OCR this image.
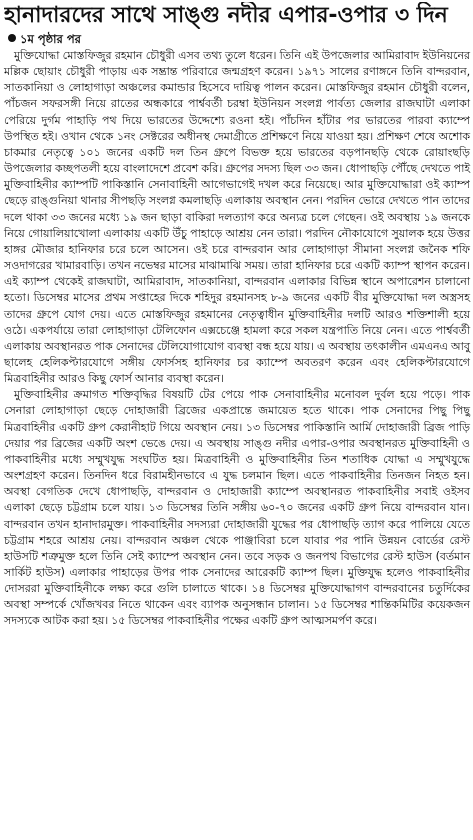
হানাদারদের সাথে সাঙ্গু নদীর এপার-ওপার ৩ দিন
১ম পৃষ্ঠার পর

মুক্তিযোদ্ধা মোস্তফিজুর রহমান চৌধুরী এসব তথ্য তুলে ধরেন। তিনি এই উপজেলার আমিরাবাদ ইউনিয়নের মল্লিক ছোয়াং চৌধুরী পাড়ায় এক সম্ভ্রান্ত পরিবারে জন্মগ্রহণ করেন। ১৯৭১ সালের রণাঙ্গনে তিনি বান্দরবান, সাতকানিয়া ও লোহাগাড়া অঞ্চলের কমান্ডার হিসেবে দায়িত্ব পালন করেন। মোস্তফিজুর রহমান চৌধুরী বলেন, পাঁচজন সফরসঙ্গী নিয়ে রাতের অন্ধকারে পার্শ্ববর্তী চরম্বা ইউনিয়ন সংলগ্ন পার্বত্য জেলার রাজঘাটা এলাকা পেরিয়ে দুর্গম পাহাড়ি পথ দিয়ে ভারতের উদ্দেশ্যে রওনা হই। পাঁচদিন হাঁটার পর ভারতের পারবা ক্যাম্পে উপস্থিত হই। ওখান থেকে ১নং সেক্টরের অধীনস্থ দেমাগ্রীতে প্রশিক্ষণে নিয়ে যাওয়া হয়। প্রশিক্ষণ শেষে অশোক চাকমার নেতৃত্বে ১০১ জনের একটি দল তিন গ্রুপে বিভক্ত হয়ে ভারতের বড়পানছড়ি থেকে রোয়াংছড়ি উপজেলার কচ্ছপতলী হয়ে বাংলাদেশে প্রবেশ করি। গ্রুপের সদস্য ছিল ৩৩ জন। ধোপাছড়ি পৌঁছে দেখতে পাই মুক্তিবাহিনীর ক্যাম্পটি পাকিস্তানি সেনাবাহিনী আগেভাগেই দখল করে নিয়েছে। আর মুক্তিযোদ্ধারা ওই ক্যাম্প ছেড়ে রাঙ্গুনিয়া থানার সীপছড়ি সংলগ্ন কমলাছড়ি এলাকায় অবস্থান নেন। পরদিন ভোরে দেখতে পান তাদের দলে থাকা ৩৩ জনের মধ্যে ১৯ জন ছাড়া বাকিরা দলত্যাগ করে অন্যত্র চলে গেছেন। ওই অবস্থায় ১৯ জনকে নিয়ে গোয়ালিয়াখোলা এলাকায় একটি উঁচু পাহাড়ে আশ্রয় নেন তারা। পরদিন নৌকাযোগে সুয়ালক হয়ে উত্তর হাঙ্গর মৌজার হানিফার চরে চলে আসেন। ওই চরে বান্দরবান আর লোহাগাড়া সীমানা সংলগ্ন জনৈক শফি সওদাগরের খামারবাড়ি। তখন নভেম্বর মাসের মাঝামাঝি সময়। তারা হানিফার চরে একটি ক্যাম্প স্থাপন করেন। এই ক্যাম্প থেকেই রাজঘাটা, আমিরাবাদ, সাতকানিয়া, বান্দরবান এলাকার বিভিন্ন স্থানে অপারেশন চালানো হতো। ডিসেম্বর মাসের প্রথম সপ্তাহের দিকে শহিদুর রহমানসহ ৮-৯ জনের একটি বীর মুক্তিযোদ্ধা দল অস্ত্রসহ তাদের গ্রুপে যোগ দেয়। এতে মোস্তফিজুর রহমানের নেতৃত্বাধীন মুক্তিবাহিনীর দলটি আরও শক্তিশালী হয়ে ওঠে। একপর্যায়ে তারা লোহাগাড়া টেলিফোন এক্সচেঞ্জে হামলা করে সকল যন্ত্রপাতি নিয়ে নেন। এতে পার্শ্ববর্তী এলাকায় অবস্থানরত পাক সেনাদের টেলিযোগাযোগ ব্যবস্থা বন্ধ হয়ে যায়। এ অবস্থায় তৎকালীন এমএনএ আবু ছালেহ হেলিকপ্টারযোগে সঙ্গীয় ফোর্সসহ হানিফার চর ক্যাম্পে অবতরণ করেন এবং হেলিকপ্টারযোগে মিত্রবাহিনীর আরও কিছু ফোর্স আনার ব্যবস্থা করেন।

মুক্তিবাহিনীর ক্রমাগত শক্তিবৃদ্ধির বিষয়টি টের পেয়ে পাক সেনাবাহিনীর মনোবল দুর্বল হয়ে পড়ে। পাক সেনারা লোহাগাড়া ছেড়ে দোহাজারী ব্রিজের একপ্রান্তে জমায়েত হতে থাকে। পাক সেনাদের পিছু পিছু মিত্রবাহিনীর একটি গ্রুপ কেরানীহাট গিয়ে অবস্থান নেয়। ১৩ ডিসেম্বর পাকিস্তানি আর্মি দোহাজারী ব্রিজ পাড়ি দেয়ার পর ব্রিজের একটি অংশ ভেঙে দেয়। এ অবস্থায় সাঙ্গু নদীর এপার-ওপার অবস্থানরত মুক্তিবাহিনী ও পাকবাহিনীর মধ্যে সম্মুখযুদ্ধ সংঘটিত হয়। মিত্রবাহিনী ও মুক্তিবাহিনীর তিন শতাধিক যোদ্ধা এ সম্মুখযুদ্ধে অংশগ্রহণ করেন। তিনদিন ধরে বিরামহীনভাবে এ যুদ্ধ চলমান ছিল। এতে পাকবাহিনীর তিনজন নিহত হন। অবস্থা বেগতিক দেখে ধোপাছড়ি, বান্দরবান ও দোহাজারী ক্যাম্পে অবস্থানরত পাকবাহিনীর সবাই ওইসব এলাকা ছেড়ে চট্টগ্রাম চলে যায়। ১৩ ডিসেম্বর তিনি সঙ্গীয় ৬০-৭০ জনের একটি গ্রুপ নিয়ে বান্দরবান যান। বান্দরবান তখন হানাদারমুক্ত। পাকবাহিনীর সদস্যরা দোহাজারী যুদ্ধের পর ধোপাছড়ি ত্যাগ করে পালিয়ে যেতে চট্টগ্রাম শহরে আশ্রয় নেয়। বান্দরবান অঞ্চল থেকে পাঞ্জাবিরা চলে যাবার পর পানি উন্নয়ন বোর্ডের রেস্ট হাউসটি শত্রুমুক্ত হলে তিনি সেই ক্যাম্পে অবস্থান নেন। তবে সড়ক ও জনপথ বিভাগের রেস্ট হাউস (বর্তমান সার্কিট হাউস) এলাকার পাহাড়ের উপর পাক সেনাদের আরেকটি ক্যাম্প ছিল। মুক্তিযুদ্ধ হলেও পাকবাহিনীর দোসররা মুক্তিবাহিনীকে লক্ষ্য করে গুলি চালাতে থাকে। ১৪ ডিসেম্বর মুক্তিযোদ্ধাগণ বান্দরবানের চতুর্দিকের অবস্থা সম্পর্কে খোঁজখবর নিতে থাকেন এবং ব্যাপক অনুসন্ধান চালান। ১৫ ডিসেম্বর শান্তিকমিটির কয়েকজন সদস্যকে আটক করা হয়। ১৫ ডিসেম্বর পাকবাহিনীর পক্ষের একটি গ্রুপ আত্মসমর্পণ করে।
